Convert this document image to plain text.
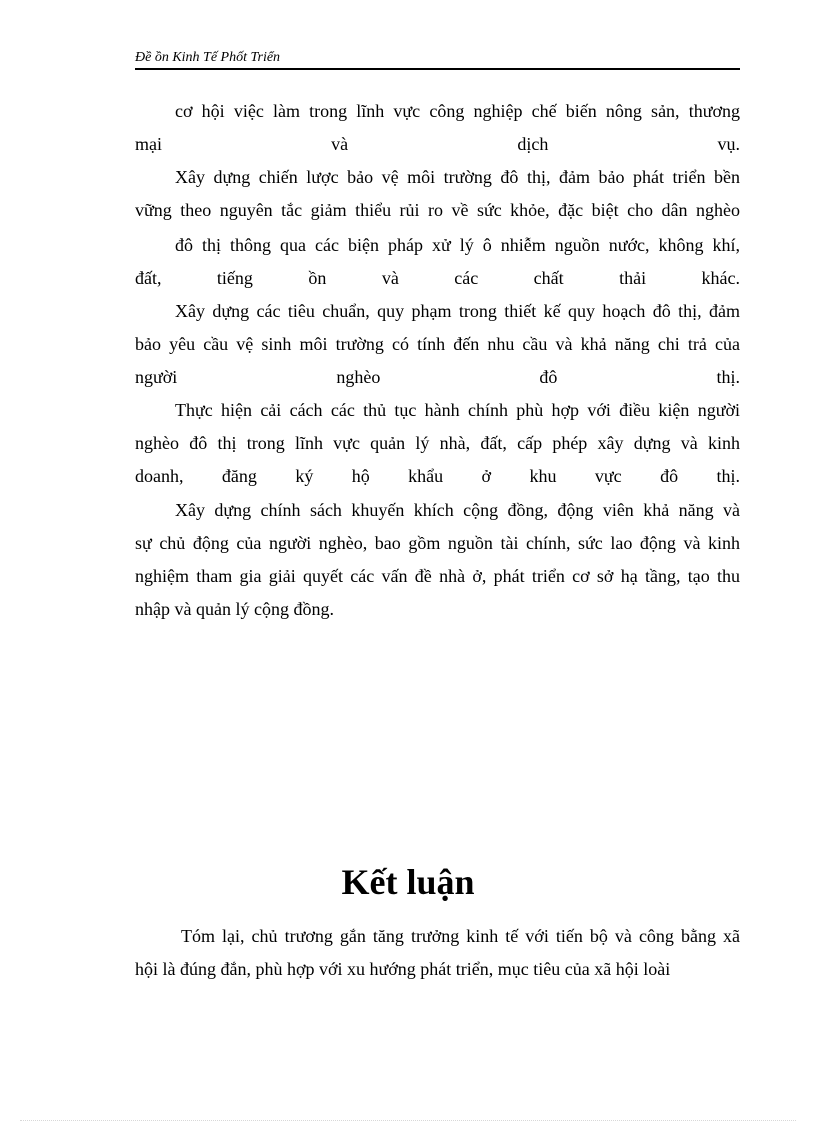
Đề ồn Kinh Tế Phốt Triển
cơ hội việc làm trong lĩnh vực công nghiệp chế biến nông sản, thương
mại và dịch vụ.
Xây dựng chiến lược bảo vệ môi trường đô thị, đảm bảo phát triển bền
vững theo nguyên tắc giảm thiểu rủi ro về sức khỏe, đặc biệt cho dân nghèo
đô thị thông qua các biện pháp xử lý ô nhiễm nguồn nước, không khí,
đất, tiếng ồn và các chất thải khác.
Xây dựng các tiêu chuẩn, quy phạm trong thiết kế quy hoạch đô thị, đảm
bảo yêu cầu vệ sinh môi trường có tính đến nhu cầu và khả năng chi trả của
người nghèo đô thị.
Thực hiện cải cách các thủ tục hành chính phù hợp với điều kiện người
nghèo đô thị trong lĩnh vực quản lý nhà, đất, cấp phép xây dựng và kinh
doanh, đăng ký hộ khẩu ở khu vực đô thị.
Xây dựng chính sách khuyến khích cộng đồng, động viên khả năng và
sự chủ động của người nghèo, bao gồm nguồn tài chính, sức lao động và kinh
nghiệm tham gia giải quyết các vấn đề nhà ở, phát triển cơ sở hạ tầng, tạo thu
nhập và quản lý cộng đồng.
Kết luận
Tóm lại, chủ trương gắn tăng trưởng kinh tế với tiến bộ và công bằng xã
hội là đúng đắn, phù hợp với xu hướng phát triển, mục tiêu của xã hội loài
